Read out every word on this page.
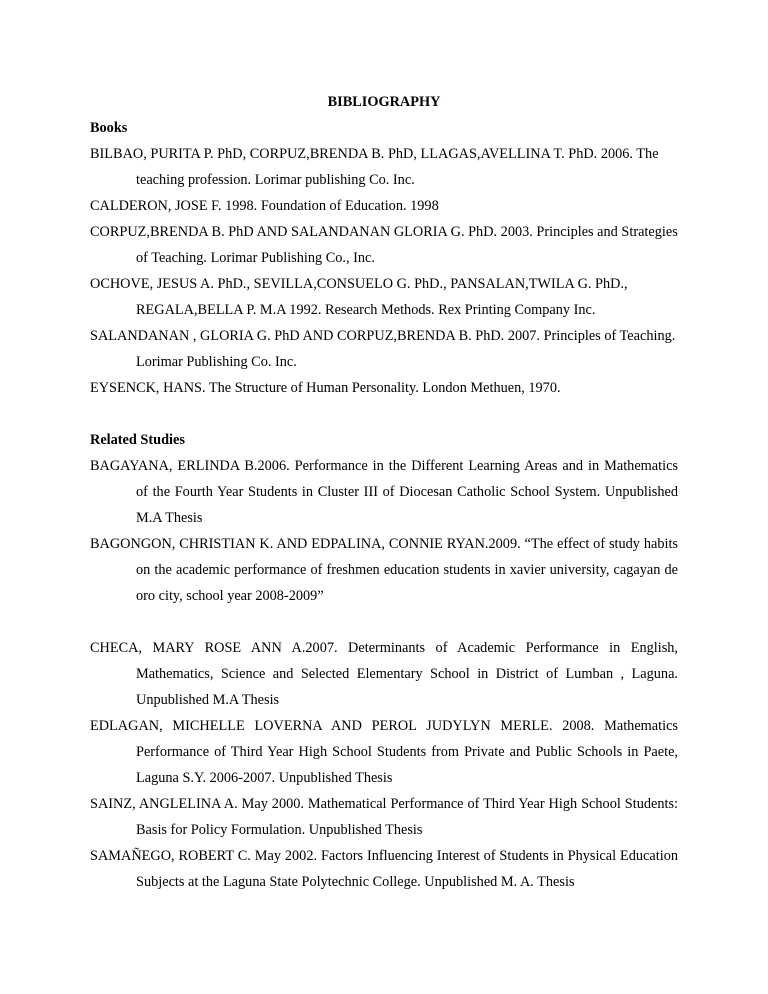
BIBLIOGRAPHY

Books

BILBAO, PURITA P. PhD, CORPUZ,BRENDA B. PhD, LLAGAS,AVELLINA T. PhD. 2006. The teaching profession. Lorimar publishing Co. Inc.

CALDERON, JOSE F. 1998. Foundation of Education. 1998

CORPUZ,BRENDA B. PhD AND SALANDANAN GLORIA G. PhD. 2003. Principles and Strategies of Teaching. Lorimar Publishing Co., Inc.

OCHOVE, JESUS A. PhD., SEVILLA,CONSUELO G. PhD., PANSALAN,TWILA G. PhD., REGALA,BELLA P. M.A 1992. Research Methods. Rex Printing Company Inc.

SALANDANAN , GLORIA G. PhD AND CORPUZ,BRENDA B. PhD. 2007. Principles of Teaching. Lorimar Publishing Co. Inc.

EYSENCK, HANS. The Structure of Human Personality. London Methuen, 1970.

Related Studies

BAGAYANA, ERLINDA B.2006. Performance in the Different Learning Areas and in Mathematics of the Fourth Year Students in Cluster III of Diocesan Catholic School System. Unpublished M.A Thesis

BAGONGON, CHRISTIAN K. AND EDPALINA, CONNIE RYAN.2009. “The effect of study habits on the academic performance of freshmen education students in xavier university, cagayan de oro city, school year 2008-2009”

CHECA, MARY ROSE ANN A.2007. Determinants of Academic Performance in English, Mathematics, Science and Selected Elementary School in District of Lumban , Laguna. Unpublished M.A Thesis

EDLAGAN, MICHELLE LOVERNA AND PEROL JUDYLYN MERLE. 2008. Mathematics Performance of Third Year High School Students from Private and Public Schools in Paete, Laguna S.Y. 2006-2007. Unpublished Thesis

SAINZ, ANGLELINA A. May 2000. Mathematical Performance of Third Year High School Students: Basis for Policy Formulation. Unpublished Thesis

SAMAÑEGO, ROBERT C. May 2002. Factors Influencing Interest of Students in Physical Education Subjects at the Laguna State Polytechnic College. Unpublished M. A. Thesis
